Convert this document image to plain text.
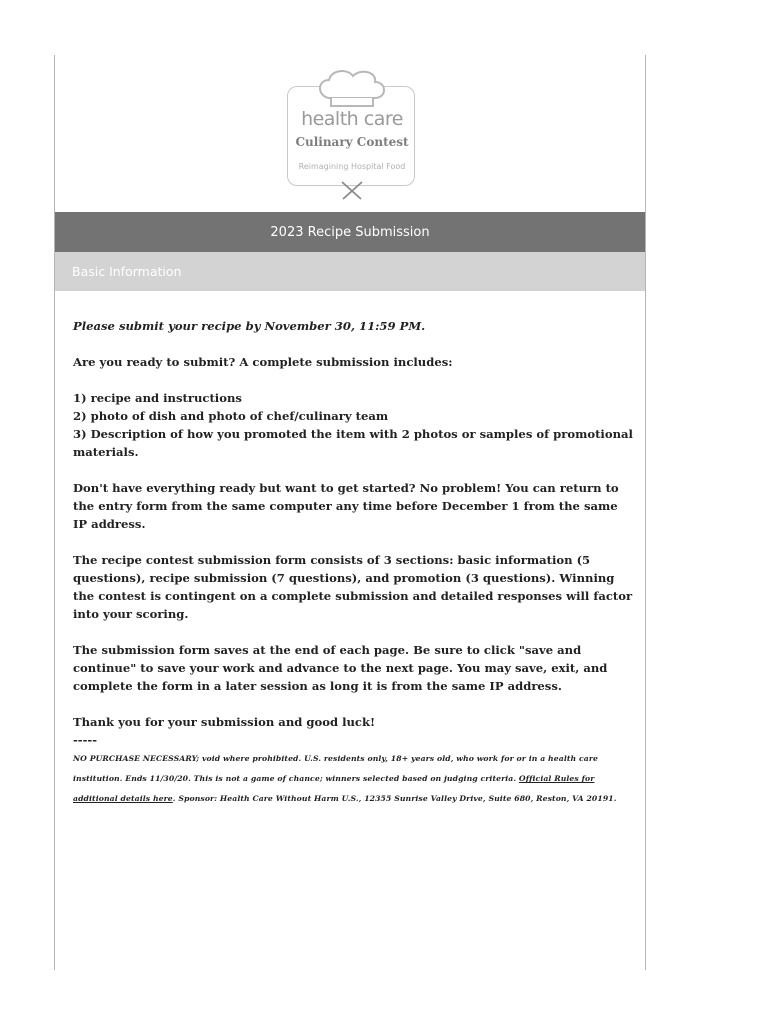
health care
Culinary Contest
Reimagining Hospital Food
2023 Recipe Submission
Basic Information

Please submit your recipe by November 30, 11:59 PM.

Are you ready to submit? A complete submission includes:

1) recipe and instructions

2) photo of dish and photo of chef/culinary team

3) Description of how you promoted the item with 2 photos or samples of promotional materials.

Don't have everything ready but want to get started? No problem! You can return to the entry form from the same computer any time before December 1 from the same IP address.

The recipe contest submission form consists of 3 sections: basic information (5 questions), recipe submission (7 questions), and promotion (3 questions). Winning the contest is contingent on a complete submission and detailed responses will factor into your scoring.

The submission form saves at the end of each page. Be sure to click "save and continue" to save your work and advance to the next page. You may save, exit, and complete the form in a later session as long it is from the same IP address.

Thank you for your submission and good luck!

-----

NO PURCHASE NECESSARY; void where prohibited. U.S. residents only, 18+ years old, who work for or in a health care institution. Ends 11/30/20. This is not a game of chance; winners selected based on judging criteria. Official Rules for additional details here. Sponsor: Health Care Without Harm U.S., 12355 Sunrise Valley Drive, Suite 680, Reston, VA 20191.
